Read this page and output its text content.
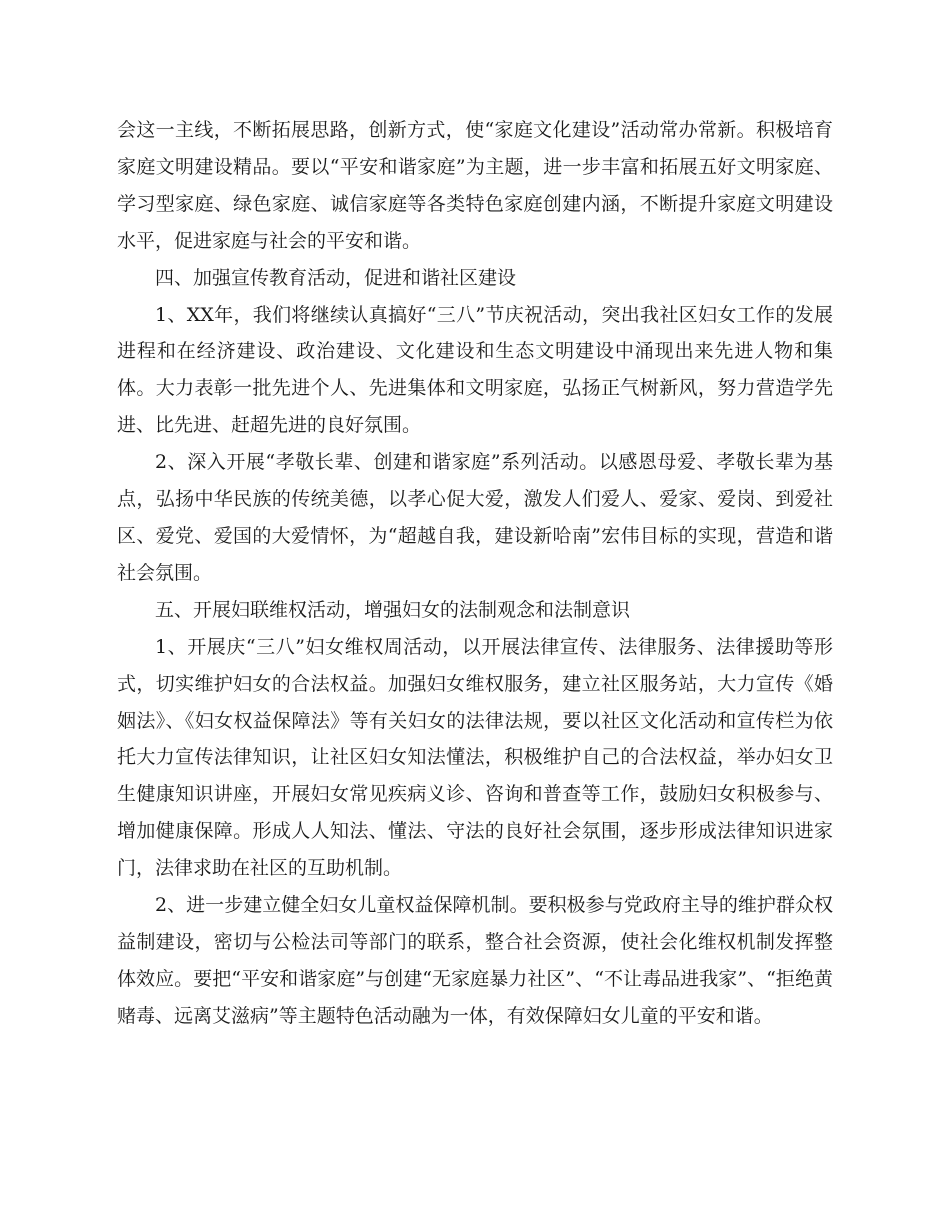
会这一主线，不断拓展思路，创新方式，使“家庭文化建设”活动常办常新。积极培育家庭文明建设精品。要以“平安和谐家庭”为主题，进一步丰富和拓展五好文明家庭、学习型家庭、绿色家庭、诚信家庭等各类特色家庭创建内涵，不断提升家庭文明建设水平，促进家庭与社会的平安和谐。

四、加强宣传教育活动，促进和谐社区建设

1、XX年，我们将继续认真搞好“三八”节庆祝活动，突出我社区妇女工作的发展进程和在经济建设、政治建设、文化建设和生态文明建设中涌现出来先进人物和集体。大力表彰一批先进个人、先进集体和文明家庭，弘扬正气树新风，努力营造学先进、比先进、赶超先进的良好氛围。

2、深入开展“孝敬长辈、创建和谐家庭”系列活动。以感恩母爱、孝敬长辈为基点，弘扬中华民族的传统美德，以孝心促大爱，激发人们爱人、爱家、爱岗、到爱社区、爱党、爱国的大爱情怀，为“超越自我，建设新哈南”宏伟目标的实现，营造和谐社会氛围。

五、开展妇联维权活动，增强妇女的法制观念和法制意识

1、开展庆“三八”妇女维权周活动，以开展法律宣传、法律服务、法律援助等形式，切实维护妇女的合法权益。加强妇女维权服务，建立社区服务站，大力宣传《婚姻法》、《妇女权益保障法》等有关妇女的法律法规，要以社区文化活动和宣传栏为依托大力宣传法律知识，让社区妇女知法懂法，积极维护自己的合法权益，举办妇女卫生健康知识讲座，开展妇女常见疾病义诊、咨询和普查等工作，鼓励妇女积极参与、增加健康保障。形成人人知法、懂法、守法的良好社会氛围，逐步形成法律知识进家门，法律求助在社区的互助机制。

2、进一步建立健全妇女儿童权益保障机制。要积极参与党政府主导的维护群众权益制建设，密切与公检法司等部门的联系，整合社会资源，使社会化维权机制发挥整体效应。要把“平安和谐家庭”与创建“无家庭暴力社区”、“不让毒品进我家”、“拒绝黄赌毒、远离艾滋病”等主题特色活动融为一体，有效保障妇女儿童的平安和谐。
